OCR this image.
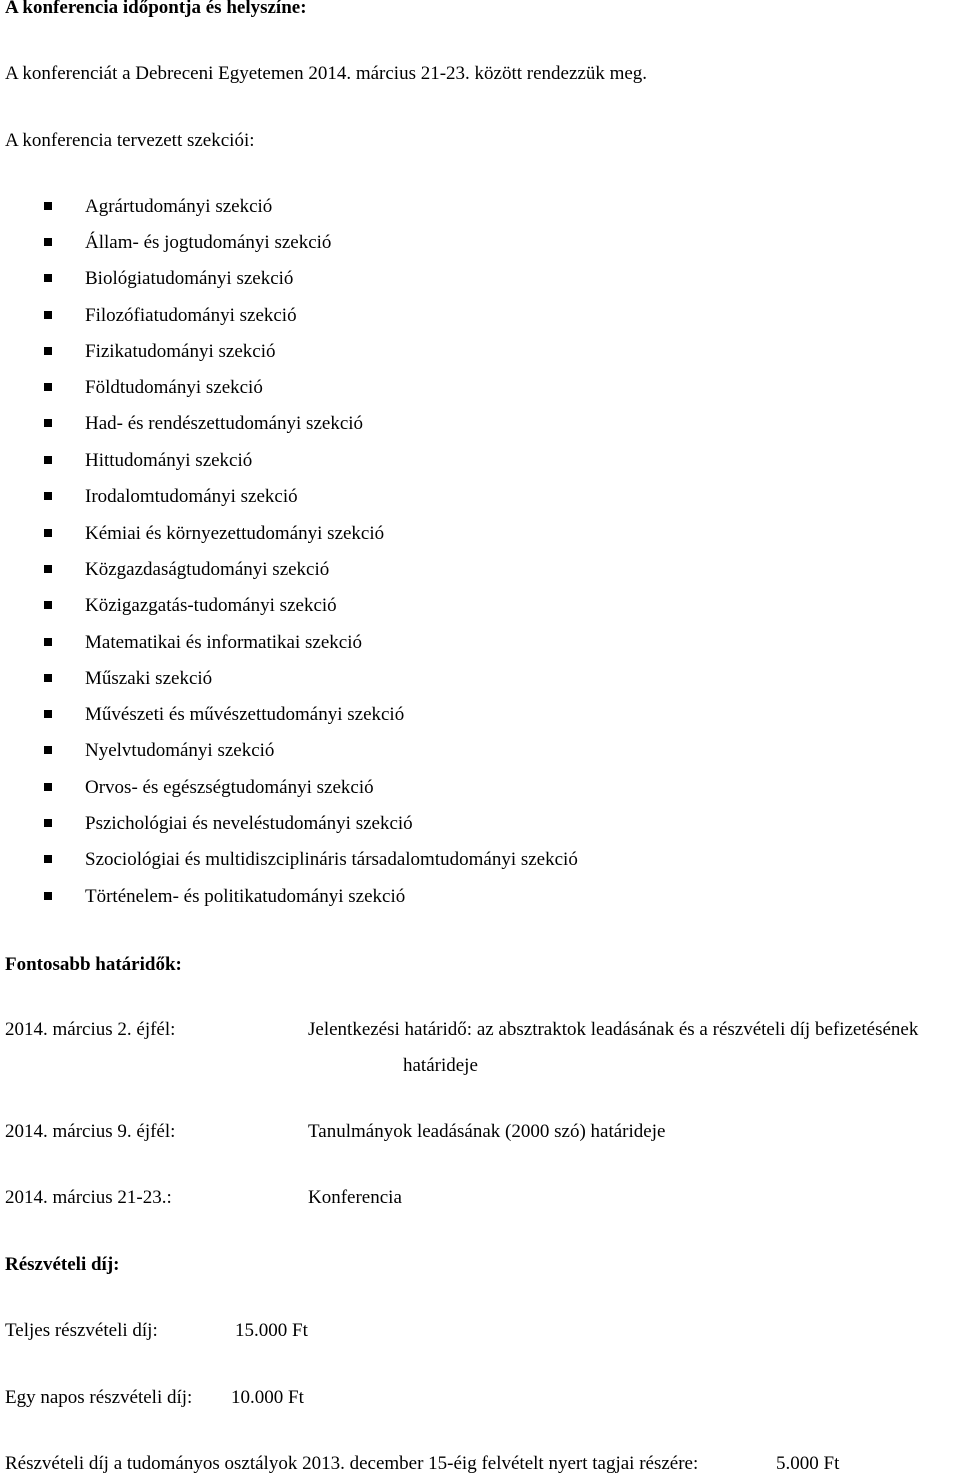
A konferencia időpontja és helyszíne:
A konferenciát a Debreceni Egyetemen 2014. március 21-23. között rendezzük meg.
A konferencia tervezett szekciói:
Agrártudományi szekció
Állam- és jogtudományi szekció
Biológiatudományi szekció
Filozófiatudományi szekció
Fizikatudományi szekció
Földtudományi szekció
Had- és rendészettudományi szekció
Hittudományi szekció
Irodalomtudományi szekció
Kémiai és környezettudományi szekció
Közgazdaságtudományi szekció
Közigazgatás-tudományi szekció
Matematikai és informatikai szekció
Műszaki szekció
Művészeti és művészettudományi szekció
Nyelvtudományi szekció
Orvos- és egészségtudományi szekció
Pszichológiai és neveléstudományi szekció
Szociológiai és multidiszciplináris társadalomtudományi szekció
Történelem- és politikatudományi szekció
Fontosabb határidők:
2014. március 2. éjfél:	Jelentkezési határidő: az absztraktok leadásának és a részvételi díj befizetésének
határideje
2014. március 9. éjfél:	Tanulmányok leadásának (2000 szó) határideje
2014. március 21-23.:	Konferencia
Részvételi díj:
Teljes részvételi díj:	15.000 Ft
Egy napos részvételi díj: 10.000 Ft
Részvételi díj a tudományos osztályok 2013. december 15-éig felvételt nyert tagjai részére:	5.000 Ft
